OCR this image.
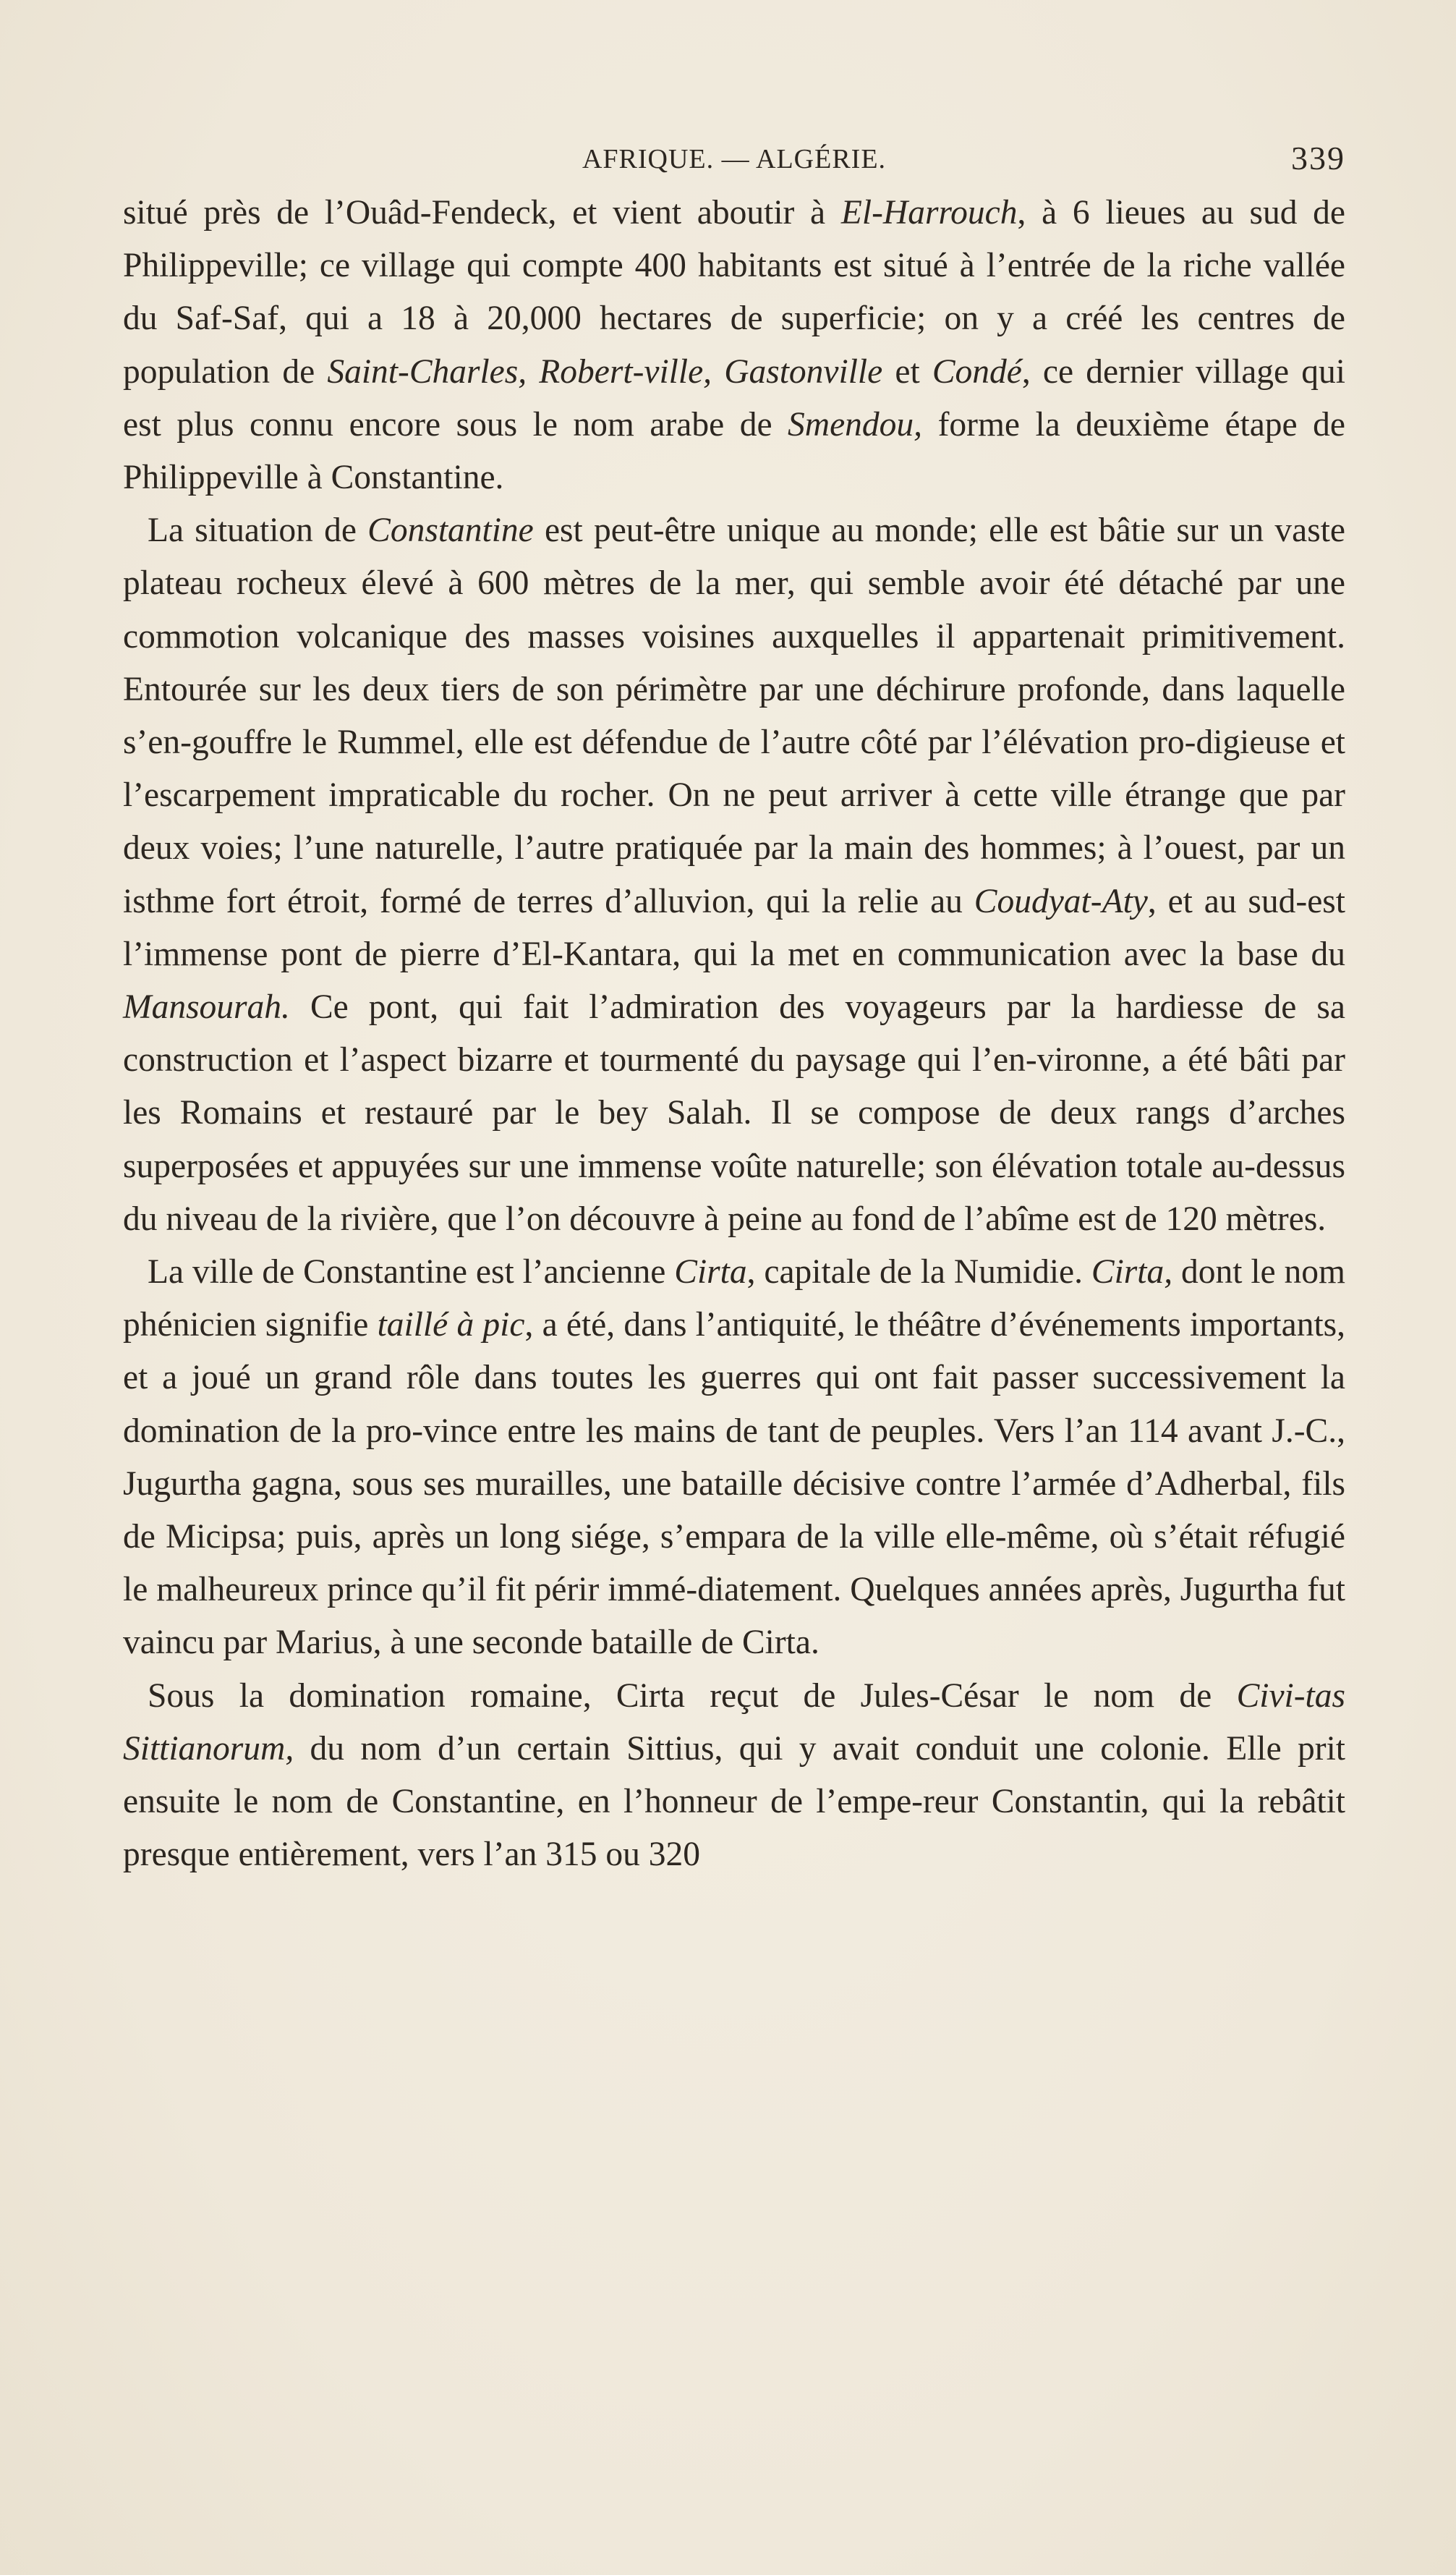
AFRIQUE. — ALGÉRIE.	339

situé près de l’Ouâd-Fendeck, et vient aboutir à El-Harrouch, à 6 lieues au sud de Philippeville; ce village qui compte 400 habitants est situé à l’entrée de la riche vallée du Saf-Saf, qui a 18 à 20,000 hectares de superficie; on y a créé les centres de population de Saint-Charles, Robert-ville, Gastonville et Condé, ce dernier village qui est plus connu encore sous le nom arabe de Smendou, forme la deuxième étape de Philippeville à Constantine.

La situation de Constantine est peut-être unique au monde; elle est bâtie sur un vaste plateau rocheux élevé à 600 mètres de la mer, qui semble avoir été détaché par une commotion volcanique des masses voisines auxquelles il appartenait primitivement. Entourée sur les deux tiers de son périmètre par une déchirure profonde, dans laquelle s’en-gouffre le Rummel, elle est défendue de l’autre côté par l’élévation pro-digieuse et l’escarpement impraticable du rocher. On ne peut arriver à cette ville étrange que par deux voies; l’une naturelle, l’autre pratiquée par la main des hommes; à l’ouest, par un isthme fort étroit, formé de terres d’alluvion, qui la relie au Coudyat-Aty, et au sud-est l’immense pont de pierre d’El-Kantara, qui la met en communication avec la base du Mansourah. Ce pont, qui fait l’admiration des voyageurs par la hardiesse de sa construction et l’aspect bizarre et tourmenté du paysage qui l’en-vironne, a été bâti par les Romains et restauré par le bey Salah. Il se compose de deux rangs d’arches superposées et appuyées sur une immense voûte naturelle; son élévation totale au-dessus du niveau de la rivière, que l’on découvre à peine au fond de l’abîme est de 120 mètres.

La ville de Constantine est l’ancienne Cirta, capitale de la Numidie. Cirta, dont le nom phénicien signifie taillé à pic, a été, dans l’antiquité, le théâtre d’événements importants, et a joué un grand rôle dans toutes les guerres qui ont fait passer successivement la domination de la pro-vince entre les mains de tant de peuples. Vers l’an 114 avant J.-C., Jugurtha gagna, sous ses murailles, une bataille décisive contre l’armée d’Adherbal, fils de Micipsa; puis, après un long siége, s’empara de la ville elle-même, où s’était réfugié le malheureux prince qu’il fit périr immé-diatement. Quelques années après, Jugurtha fut vaincu par Marius, à une seconde bataille de Cirta.

Sous la domination romaine, Cirta reçut de Jules-César le nom de Civi-tas Sittianorum, du nom d’un certain Sittius, qui y avait conduit une colonie. Elle prit ensuite le nom de Constantine, en l’honneur de l’empe-reur Constantin, qui la rebâtit presque entièrement, vers l’an 315 ou 320
